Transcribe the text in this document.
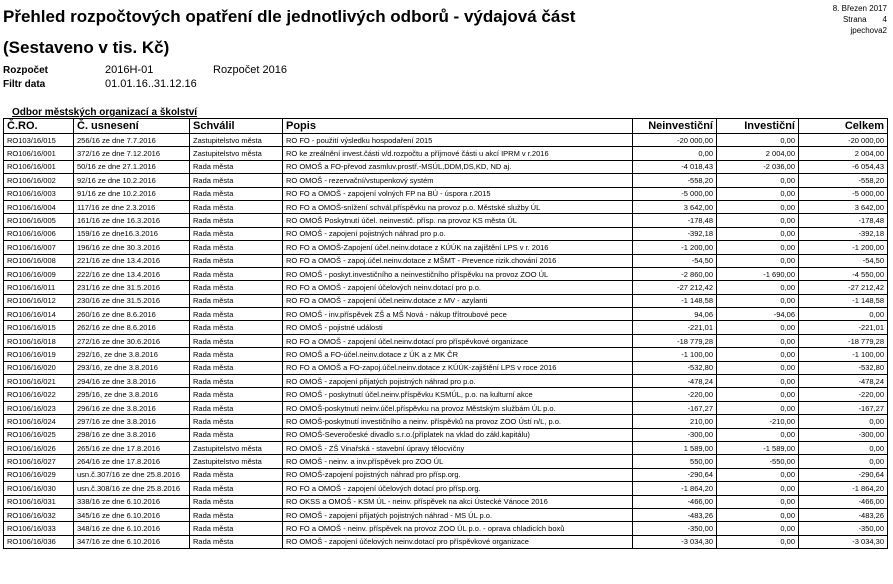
Přehled rozpočtových opatření dle jednotlivých odborů - výdajová část
(Sestaveno v tis. Kč)
8. Březen 2017
Strana 4
jpechova2
Rozpočet	2016H-01	Rozpočet 2016
Filtr data	01.01.16..31.12.16
Odbor městských organizací a školství
Č.RO.	Č. usnesení	Schválil	Popis	Neinvestiční	Investiční	Celkem
RO103/16/015	256/16 ze dne 7.7.2016	Zastupitelstvo města	RO FO - použití výsledku hospodaření 2015	-20 000,00	0,00	-20 000,00
RO106/16/001	372/16 ze dne 7.12.2016	Zastupitelstvo města	RO ke zreálnění invest.části v/d.rozpočtu a příjmové části u akcí IPRM v r.2016	0,00	2 004,00	2 004,00
RO106/16/001	50/16 ze dne 27.1.2016	Rada města	RO OMOŠ a FO-převod zasmluv.prostř.-MSÚL,DDM,DS,KD, ND aj.	-4 018,43	-2 036,00	-6 054,43
RO106/16/002	92/16 ze dne 10.2.2016	Rada města	RO OMOŠ - rezervační/vstupenkový systém	-558,20	0,00	-558,20
RO106/16/003	91/16 ze dne 10.2.2016	Rada města	RO FO a OMOŠ - zapojení volných FP na BÚ - úspora r.2015	-5 000,00	0,00	-5 000,00
RO106/16/004	117/16 ze dne 2.3.2016	Rada města	RO FO a OMOŠ-snížení schvál.příspěvku na provoz p.o. Městské služby ÚL	3 642,00	0,00	3 642,00
RO106/16/005	161/16 ze dne 16.3.2016	Rada města	RO OMOŠ Poskytnutí účel. neinvestič. přísp. na provoz KS města ÚL	-178,48	0,00	-178,48
RO106/16/006	159/16 ze dne16.3.2016	Rada města	RO OMOŠ - zapojení pojistných náhrad pro p.o.	-392,18	0,00	-392,18
RO106/16/007	196/16 ze dne 30.3.2016	Rada města	RO FO a OMOŠ-Zapojení účel.neinv.dotace z KÚÚK na zajištění LPS v r. 2016	-1 200,00	0,00	-1 200,00
RO106/16/008	221/16 ze dne 13.4.2016	Rada města	RO FO a OMOŠ - zapoj.účel.neinv.dotace z MŠMT - Prevence rizik.chování 2016	-54,50	0,00	-54,50
RO106/16/009	222/16 ze dne 13.4.2016	Rada města	RO OMOŠ - poskyt.investičního a neinvestičního příspěvku na provoz ZOO ÚL	-2 860,00	-1 690,00	-4 550,00
RO106/16/011	231/16 ze dne 31.5.2016	Rada města	RO FO a OMOŠ - zapojení účelových neinv.dotací pro p.o.	-27 212,42	0,00	-27 212,42
RO106/16/012	230/16 ze dne 31.5.2016	Rada města	RO FO a OMOŠ - zapojení účel.neinv.dotace z MV - azylanti	-1 148,58	0,00	-1 148,58
RO106/16/014	260/16 ze dne 8.6.2016	Rada města	RO OMOŠ - inv.příspěvek ZŠ a MŠ Nová - nákup třítroubové pece	94,06	-94,06	0,00
RO106/16/015	262/16 ze dne 8.6.2016	Rada města	RO OMOŠ - pojistné události	-221,01	0,00	-221,01
RO106/16/018	272/16 ze dne 30.6.2016	Rada města	RO FO a OMOŠ - zapojení účel.neinv.dotací pro příspěvkové organizace	-18 779,28	0,00	-18 779,28
RO106/16/019	292/16, ze dne 3.8.2016	Rada města	RO OMOŠ a FO-účel.neinv.dotace z ÚK a z MK ČR	-1 100,00	0,00	-1 100,00
RO106/16/020	293/16, ze dne 3.8.2016	Rada města	RO FO a OMOŠ a FO-zapoj.účel.neinv.dotace z KÚÚK-zajištění LPS v roce 2016	-532,80	0,00	-532,80
RO106/16/021	294/16 ze dne 3.8.2016	Rada města	RO OMOŠ - zapojení přijatých pojistných náhrad pro p.o.	-478,24	0,00	-478,24
RO106/16/022	295/16, ze dne 3.8.2016	Rada města	RO OMOŠ - poskytnutí účel.neinv.příspěvku KSMÚL, p.o. na kulturní akce	-220,00	0,00	-220,00
RO106/16/023	296/16 ze dne 3.8.2016	Rada města	RO OMOŠ-poskytnutí neinv.účel.příspěvku na provoz Městským službám ÚL p.o.	-167,27	0,00	-167,27
RO106/16/024	297/16 ze dne 3.8.2016	Rada města	RO OMOŠ-poskytnutí investičního a neinv. příspěvků na provoz ZOO Ústí n/L, p.o.	210,00	-210,00	0,00
RO106/16/025	298/16 ze dne 3.8.2016	Rada města	RO OMOŠ-Severočeské divadlo s.r.o.(příplatek na vklad do zákl.kapitálu)	-300,00	0,00	-300,00
RO106/16/026	265/16 ze dne 17.8.2016	Zastupitelstvo města	RO OMOŠ - ZŠ Vinařská - stavební úpravy tělocvičny	1 589,00	-1 589,00	0,00
RO106/16/027	264/16 ze dne 17.8.2016	Zastupitelstvo města	RO OMOŠ - neinv. a inv.příspěvek pro ZOO ÚL	550,00	-550,00	0,00
RO106/16/029	usn.č.307/16 ze dne 25.8.2016	Rada města	RO OMOŠ-zapojení pojistných náhrad pro přísp.org.	-290,64	0,00	-290,64
RO106/16/030	usn.č.308/16 ze dne 25.8.2016	Rada města	RO FO a OMOŠ - zapojení účelových dotací pro přísp.org.	-1 864,20	0,00	-1 864,20
RO106/16/031	338/16 ze dne 6.10.2016	Rada města	RO OKSS a OMOŠ - KSM ÚL - neinv. příspěvek na akci Ústecké Vánoce 2016	-466,00	0,00	-466,00
RO106/16/032	345/16 ze dne 6.10.2016	Rada města	RO OMOŠ - zapojení přijatých pojistných náhrad - MS ÚL p.o.	-483,26	0,00	-483,26
RO106/16/033	348/16 ze dne 6.10.2016	Rada města	RO FO a OMOŠ - neinv. příspěvek na provoz ZOO ÚL p.o. - oprava chladicích boxů	-350,00	0,00	-350,00
RO106/16/036	347/16 ze dne 6.10.2016	Rada města	RO OMOŠ - zapojení účelových neinv.dotací pro příspěvkové organizace	-3 034,30	0,00	-3 034,30
